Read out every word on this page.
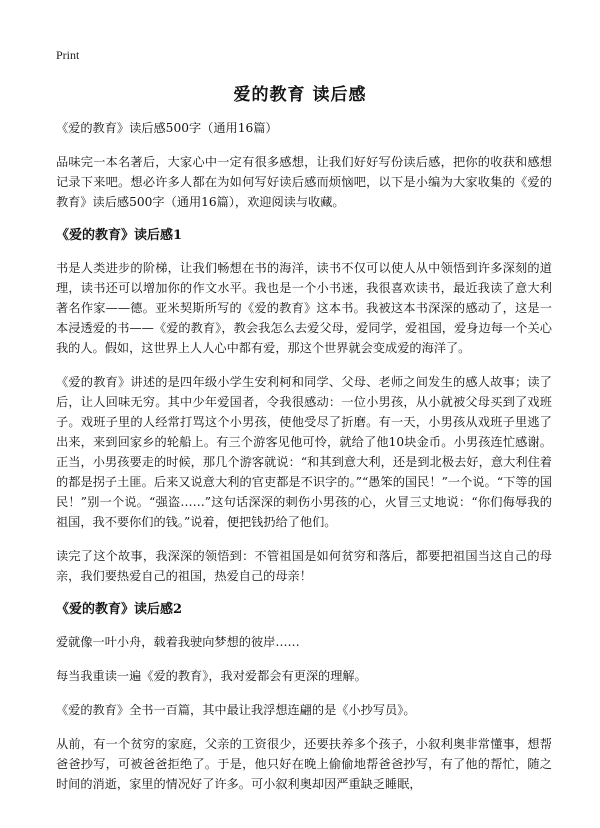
Print
爱的教育 读后感

《爱的教育》读后感500字（通用16篇）

品味完一本名著后，大家心中一定有很多感想，让我们好好写份读后感，把你的收获和感想记录下来吧。想必许多人都在为如何写好读后感而烦恼吧，以下是小编为大家收集的《爱的教育》读后感500字（通用16篇），欢迎阅读与收藏。

《爱的教育》读后感1

书是人类进步的阶梯，让我们畅想在书的海洋，读书不仅可以使人从中领悟到许多深刻的道理，读书还可以增加你的作文水平。我也是一个小书迷，我很喜欢读书，最近我读了意大利著名作家——德。亚米契斯所写的《爱的教育》这本书。我被这本书深深的感动了，这是一本浸透爱的书——《爱的教育》，教会我怎么去爱父母，爱同学，爱祖国，爱身边每一个关心我的人。假如，这世界上人人心中都有爱，那这个世界就会变成爱的海洋了。

《爱的教育》讲述的是四年级小学生安利柯和同学、父母、老师之间发生的感人故事；读了后，让人回味无穷。其中少年爱国者，令我很感动：一位小男孩，从小就被父母买到了戏班子。戏班子里的人经常打骂这个小男孩，使他受尽了折磨。有一天，小男孩从戏班子里逃了出来，来到回家乡的轮船上。有三个游客见他可怜，就给了他10块金币。小男孩连忙感谢。正当，小男孩要走的时候，那几个游客就说：“和其到意大利，还是到北极去好，意大利住着的都是拐子土匪。后来又说意大利的官吏都是不识字的。”“愚笨的国民！”一个说。“下等的国民！”别一个说。“强盗……”这句话深深的刺伤小男孩的心，火冒三丈地说：“你们侮辱我的祖国，我不要你们的钱。”说着，便把钱扔给了他们。

读完了这个故事，我深深的领悟到：不管祖国是如何贫穷和落后，都要把祖国当这自己的母亲，我们要热爱自己的祖国，热爱自己的母亲！

《爱的教育》读后感2

爱就像一叶小舟，载着我驶向梦想的彼岸……

每当我重读一遍《爱的教育》，我对爱都会有更深的理解。

《爱的教育》全书一百篇，其中最让我浮想连翩的是《小抄写员》。

从前，有一个贫穷的家庭，父亲的工资很少，还要扶养多个孩子，小叙利奥非常懂事，想帮爸爸抄写，可被爸爸拒绝了。于是，他只好在晚上偷偷地帮爸爸抄写，有了他的帮忙，随之时间的消逝，家里的情况好了许多。可小叙利奥却因严重缺乏睡眠，
